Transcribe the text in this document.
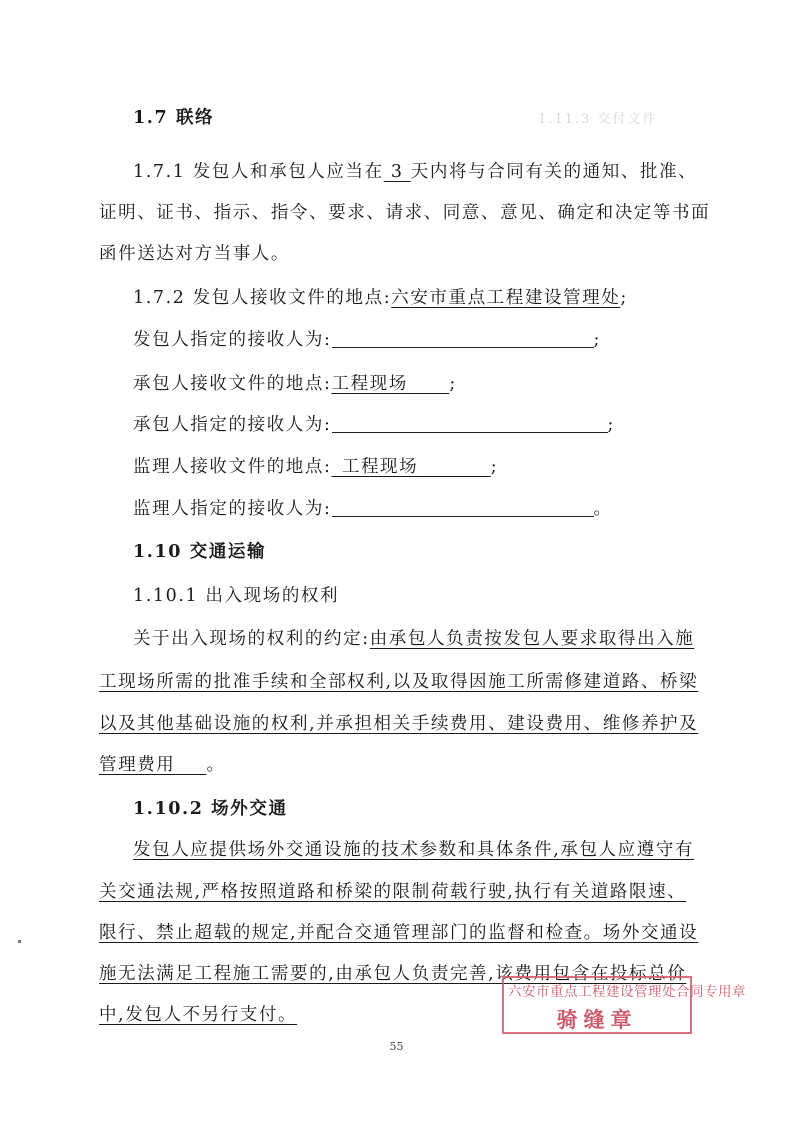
1.11.3 交付文件
1.7 联络
1.7.1 发包人和承包人应当在 3 天内将与合同有关的通知、批准、
证明、证书、指示、指令、要求、请求、同意、意见、确定和决定等书面
函件送达对方当事人。
1.7.2 发包人接收文件的地点:六安市重点工程建设管理处;
发包人指定的接收人为:	;
承包人接收文件的地点:工程现场     ;
承包人指定的接收人为:	;
监理人接收文件的地点:  工程现场       	;
监理人指定的接收人为:	。
1.10 交通运输
1.10.1 出入现场的权利
关于出入现场的权利的约定:由承包人负责按发包人要求取得出入施
工现场所需的批准手续和全部权利,以及取得因施工所需修建道路、桥梁
以及其他基础设施的权利,并承担相关手续费用、建设费用、维修养护及
管理费用    。
1.10.2 场外交通
发包人应提供场外交通设施的技术参数和具体条件,承包人应遵守有
关交通法规,严格按照道路和桥梁的限制荷载行驶,执行有关道路限速、
限行、禁止超载的规定,并配合交通管理部门的监督和检查。场外交通设
施无法满足工程施工需要的,由承包人负责完善,该费用包含在投标总价
中,发包人不另行支付。
六安市重点工程建设管理处合同专用章
骑缝章
55
